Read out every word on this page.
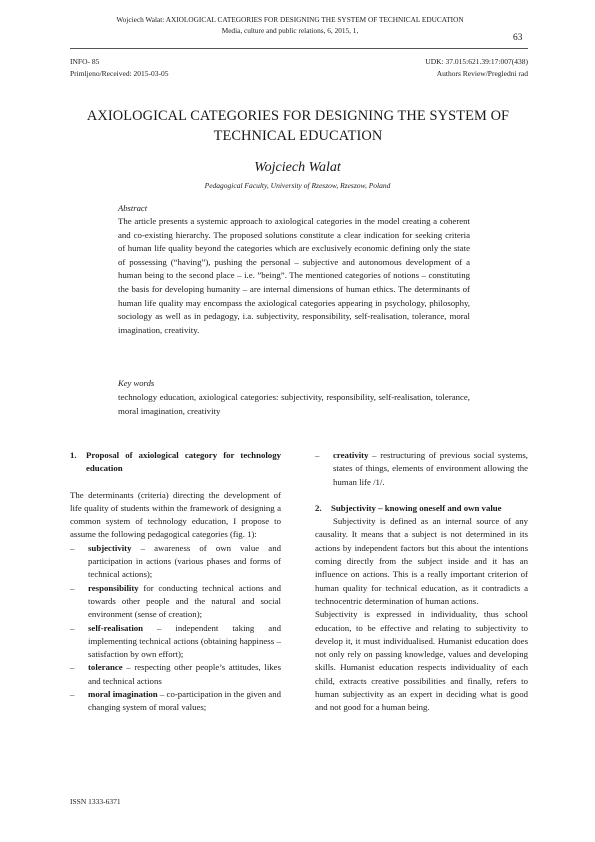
Wojciech Walat: AXIOLOGICAL CATEGORIES FOR DESIGNING THE SYSTEM OF TECHNICAL EDUCATION
Media, culture and public relations, 6, 2015, 1,
63
INFO- 85
Primljeno/Received: 2015-03-05
UDK: 37.015:621.39:17:007(438)
Authors Review/Pregledni rad
AXIOLOGICAL CATEGORIES FOR DESIGNING THE SYSTEM OF TECHNICAL EDUCATION
Wojciech Walat
Pedagogical Faculty, University of Rzeszow, Rzeszow, Poland
Abstract
The article presents a systemic approach to axiological categories in the model creating a coherent and co-existing hierarchy. The proposed solutions constitute a clear indication for seeking criteria of human life quality beyond the categories which are exclusively economic defining only the state of possessing (“having”), pushing the personal – subjective and autonomous development of a human being to the second place – i.e. ”being”. The mentioned categories of notions – constituting the basis for developing humanity – are internal dimensions of human ethics. The determinants of human life quality may encompass the axiological categories appearing in psychology, philosophy, sociology as well as in pedagogy, i.a. subjectivity, responsibility, self-realisation, tolerance, moral imagination, creativity.
Key words
technology education, axiological categories: subjectivity, responsibility, self-realisation, tolerance, moral imagination, creativity
1.	Proposal of axiological category for technology education
The determinants (criteria) directing the development of life quality of students within the framework of designing a common system of technology education, I propose to assume the following pedagogical categories (fig. 1):
–	subjectivity – awareness of own value and participation in actions (various phases and forms of technical actions);
–	responsibility for conducting technical actions and towards other people and the natural and social environment (sense of creation);
–	self-realisation – independent taking and implementing technical actions (obtaining happiness – satisfaction by own effort);
–	tolerance – respecting other people’s attitudes, likes and technical actions
–	moral imagination – co-participation in the given and changing system of moral values;
–	creativity – restructuring of previous social systems, states of things, elements of environment allowing the human life /1/.
2.	Subjectivity – knowing oneself and own value
Subjectivity is defined as an internal source of any causality. It means that a subject is not determined in its actions by independent factors but this about the intentions coming directly from the subject inside and it has an influence on actions. This is a really important criterion of human quality for technical education, as it contradicts a technocentric determination of human actions.
Subjectivity is expressed in individuality, thus school education, to be effective and relating to subjectivity to develop it, it must individualised. Humanist education does not only rely on passing knowledge, values and developing skills. Humanist education respects individuality of each child, extracts creative possibilities and finally, refers to human subjectivity as an expert in deciding what is good and not good for a human being.
ISSN 1333-6371
